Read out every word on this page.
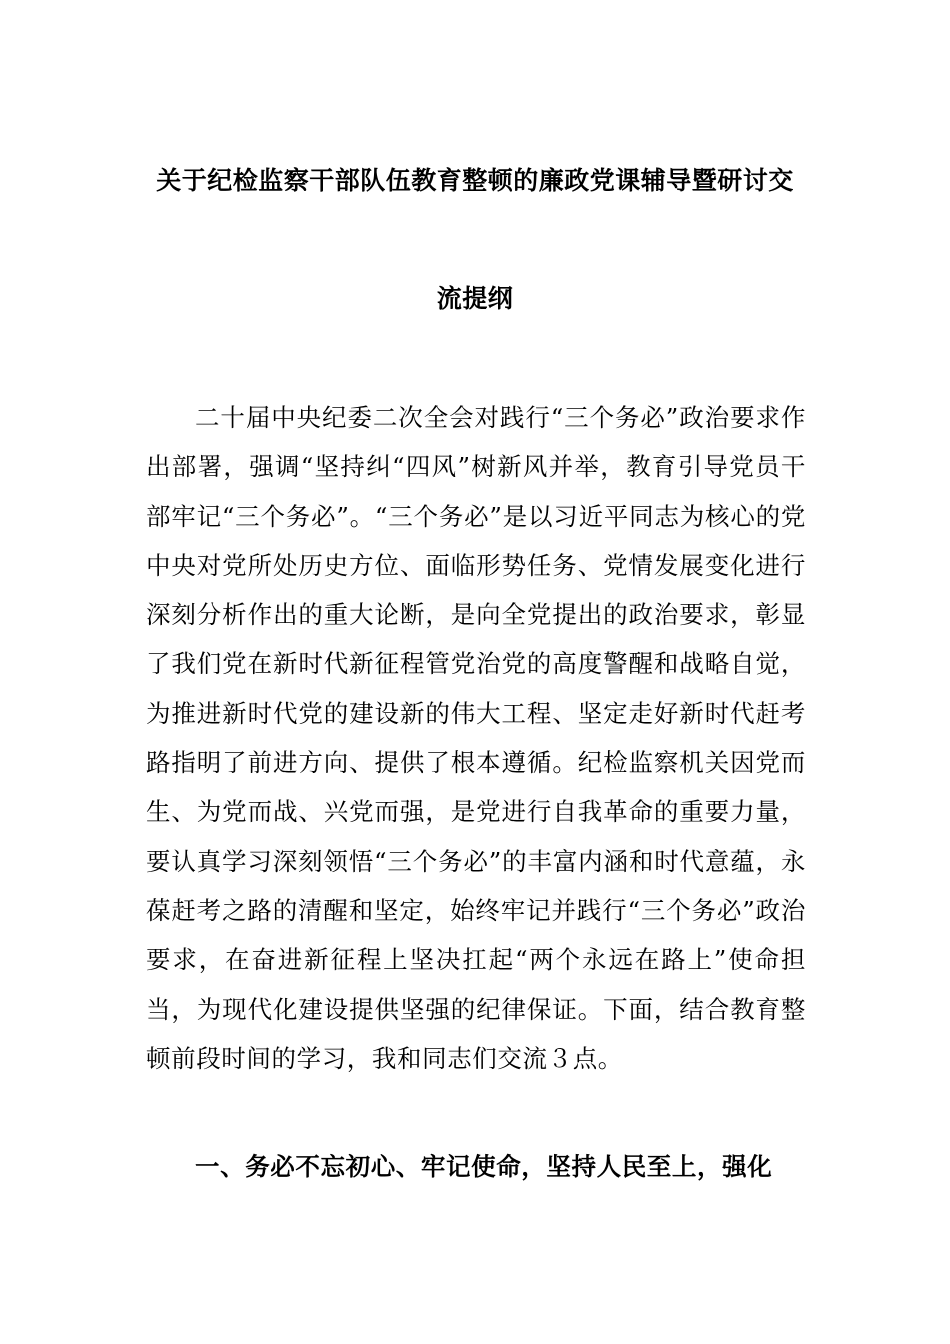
关于纪检监察干部队伍教育整顿的廉政党课辅导暨研讨交
流提纲

二十届中央纪委二次全会对践行“三个务必”政治要求作出部署，强调“坚持纠“四风”树新风并举，教育引导党员干部牢记“三个务必”。“三个务必”是以习近平同志为核心的党中央对党所处历史方位、面临形势任务、党情发展变化进行深刻分析作出的重大论断，是向全党提出的政治要求，彰显了我们党在新时代新征程管党治党的高度警醒和战略自觉，为推进新时代党的建设新的伟大工程、坚定走好新时代赶考路指明了前进方向、提供了根本遵循。纪检监察机关因党而生、为党而战、兴党而强，是党进行自我革命的重要力量，要认真学习深刻领悟“三个务必”的丰富内涵和时代意蕴，永葆赶考之路的清醒和坚定，始终牢记并践行“三个务必”政治要求，在奋进新征程上坚决扛起“两个永远在路上”使命担当，为现代化建设提供坚强的纪律保证。下面，结合教育整顿前段时间的学习，我和同志们交流３点。

一、务必不忘初心、牢记使命，坚持人民至上，强化
